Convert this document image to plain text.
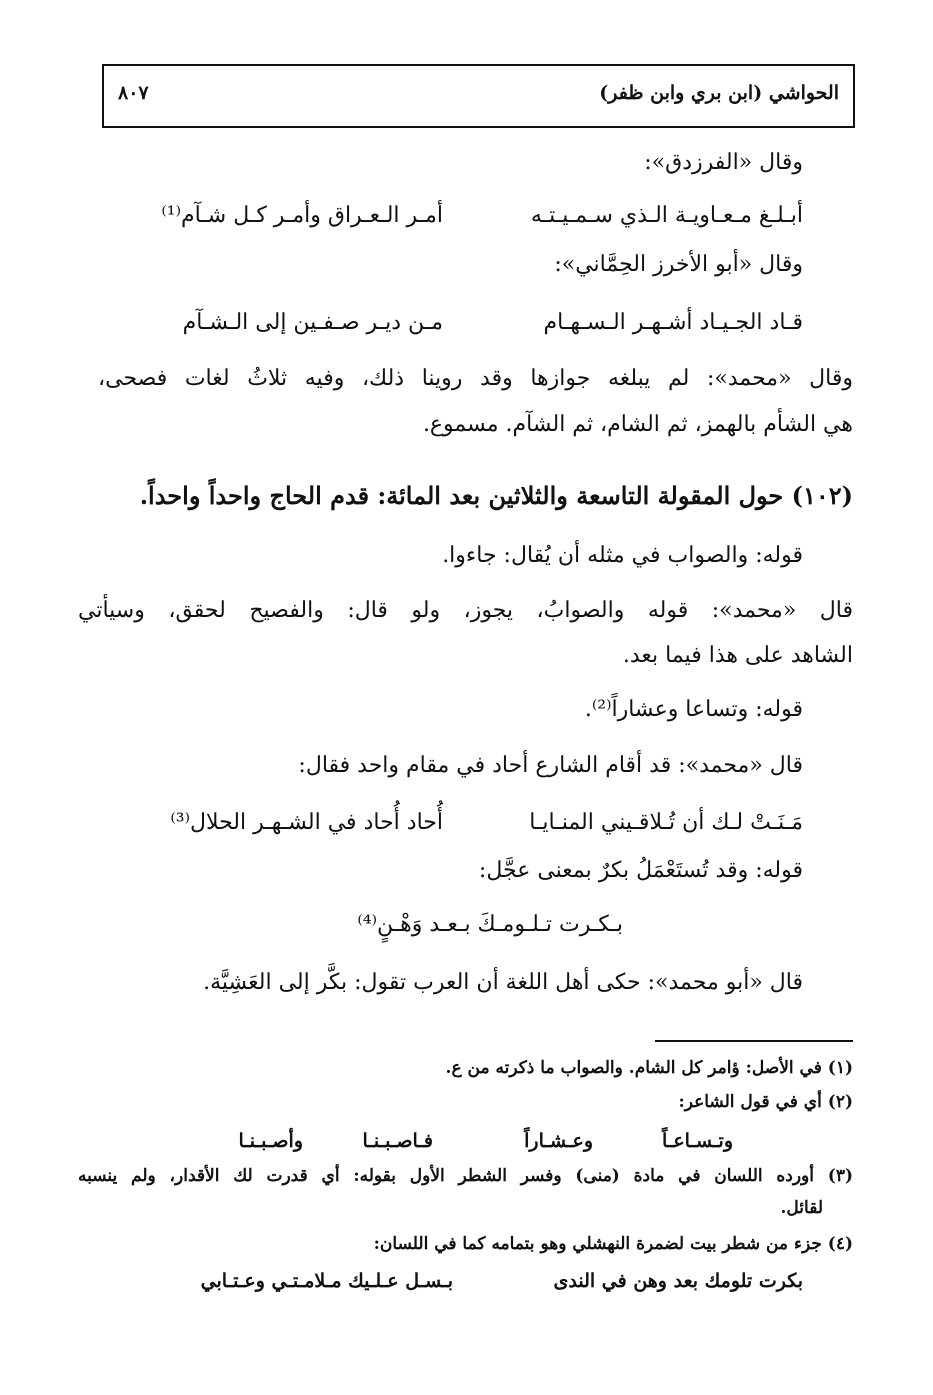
الحواشي (ابن بري وابن ظفر)
٨٠٧
وقال «الفرزدق»:
أبـلـغ مـعـاويـة الـذي سـمـيـتـه
أمـر الـعـراق وأمـر كـل شـآم⁽¹⁾
وقال «أبو الأخرز الحِمَّاني»:
قـاد الجـيـاد أشـهـر الـسـهـام
مـن ديـر صـفـين إلى الـشـآم
وقال «محمد»: لم يبلغه جوازها وقد روينا ذلك، وفيه ثلاثُ لغات فصحى،
هي الشأم بالهمز، ثم الشام، ثم الشآم. مسموع.
(١٠٢) حول المقولة التاسعة والثلاثين بعد المائة: قدم الحاج واحداً واحداً.
قوله: والصواب في مثله أن يُقال: جاءوا.
قال «محمد»: قوله والصوابُ، يجوز، ولو قال: والفصيح لحقق، وسيأتي
الشاهد على هذا فيما بعد.
قوله: وتساعا وعشاراً⁽²⁾.
قال «محمد»: قد أقام الشارع أحاد في مقام واحد فقال:
مَـنَـتْ لـك أن تُـلاقـيني المنـايـا
أُحاد أُحاد في الشـهـر الحلال⁽³⁾
قوله: وقد تُستَعْمَلُ بكرٌ بمعنى عجَّل:
بـكـرت تـلـومـكَ بـعـد وَهْـنٍ⁽⁴⁾
قال «أبو محمد»: حكى أهل اللغة أن العرب تقول: بكَّر إلى العَشِيَّة.
(١) في الأصل: ؤامر كل الشام. والصواب ما ذكرته من ع.
(٢) أي في قول الشاعر:
وتـسـاعـاً
وعـشـاراً
فـاصـبـنـا
وأصـبـنـا
(٣) أورده اللسان في مادة (منى) وفسر الشطر الأول بقوله: أي قدرت لك الأقدار، ولم ينسبه
لقائل.
(٤) جزء من شطر بيت لضمرة النهشلي وهو بتمامه كما في اللسان:
بكرت تلومك بعد وهن في الندى
بـسـل عـلـيك مـلامـتـي وعـتـابي
